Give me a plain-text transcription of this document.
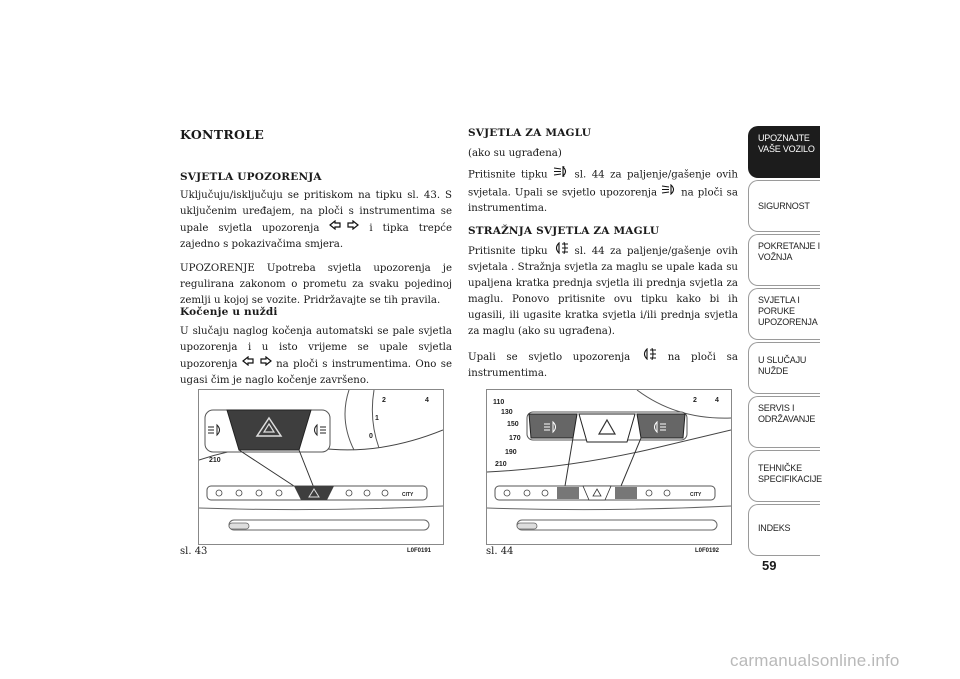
KONTROLE
SVJETLA UPOZORENJA

Uključuju/isključuju se pritiskom na tipku sl. 43. S uključenim uređajem, na ploči s instrumentima se upale svjetla upozorenja	i tipka trepće zajedno s pokazivačima smjera.

UPOZORENJE Upotreba svjetla upozorenja je regulirana zakonom o prometu za svaku pojedinoj zemlji u kojoj se vozite. Pridržavajte se tih pravila.

Kočenje u nuždi

U slučaju naglog kočenja automatski se pale svjetla upozorenja i u isto vrijeme se upale svjetla upozorenja	na ploči s instrumentima. Ono se ugasi čim je naglo kočenje završeno.

SVJETLA ZA MAGLU

(ako su ugrađena)

Pritisnite tipku	sl. 44 za paljenje/gašenje ovih svjetala. Upali se svjetlo upozorenja na ploči sa instrumentima.

STRAŽNJA SVJETLA ZA MAGLU

Pritisnite tipku	sl. 44 za paljenje/gašenje ovih svjetala . Stražnja svjetla za maglu se upale kada su upaljena kratka prednja svjetla ili prednja svjetla za maglu. Ponovo pritisnite ovu tipku kako bi ih ugasili, ili ugasite kratka svjetla i/ili prednja svjetla za maglu (ako su ugrađena).

Upali se svjetlo upozorenja	na ploči sa instrumentima.

2	4
1
0
210
CITY
sl. 43	L0F0191
110
130
150
170
190
210
2	4
CITY
sl. 44	L0F0192
UPOZNAJTE VAŠE VOZILO
SIGURNOST
POKRETANJE I VOŽNJA
SVJETLA I PORUKE UPOZORENJA
U SLUČAJU NUŽDE
SERVIS I ODRŽAVANJE
TEHNIČKE SPECIFIKACIJE
INDEKS
59
carmanualsonline.info
